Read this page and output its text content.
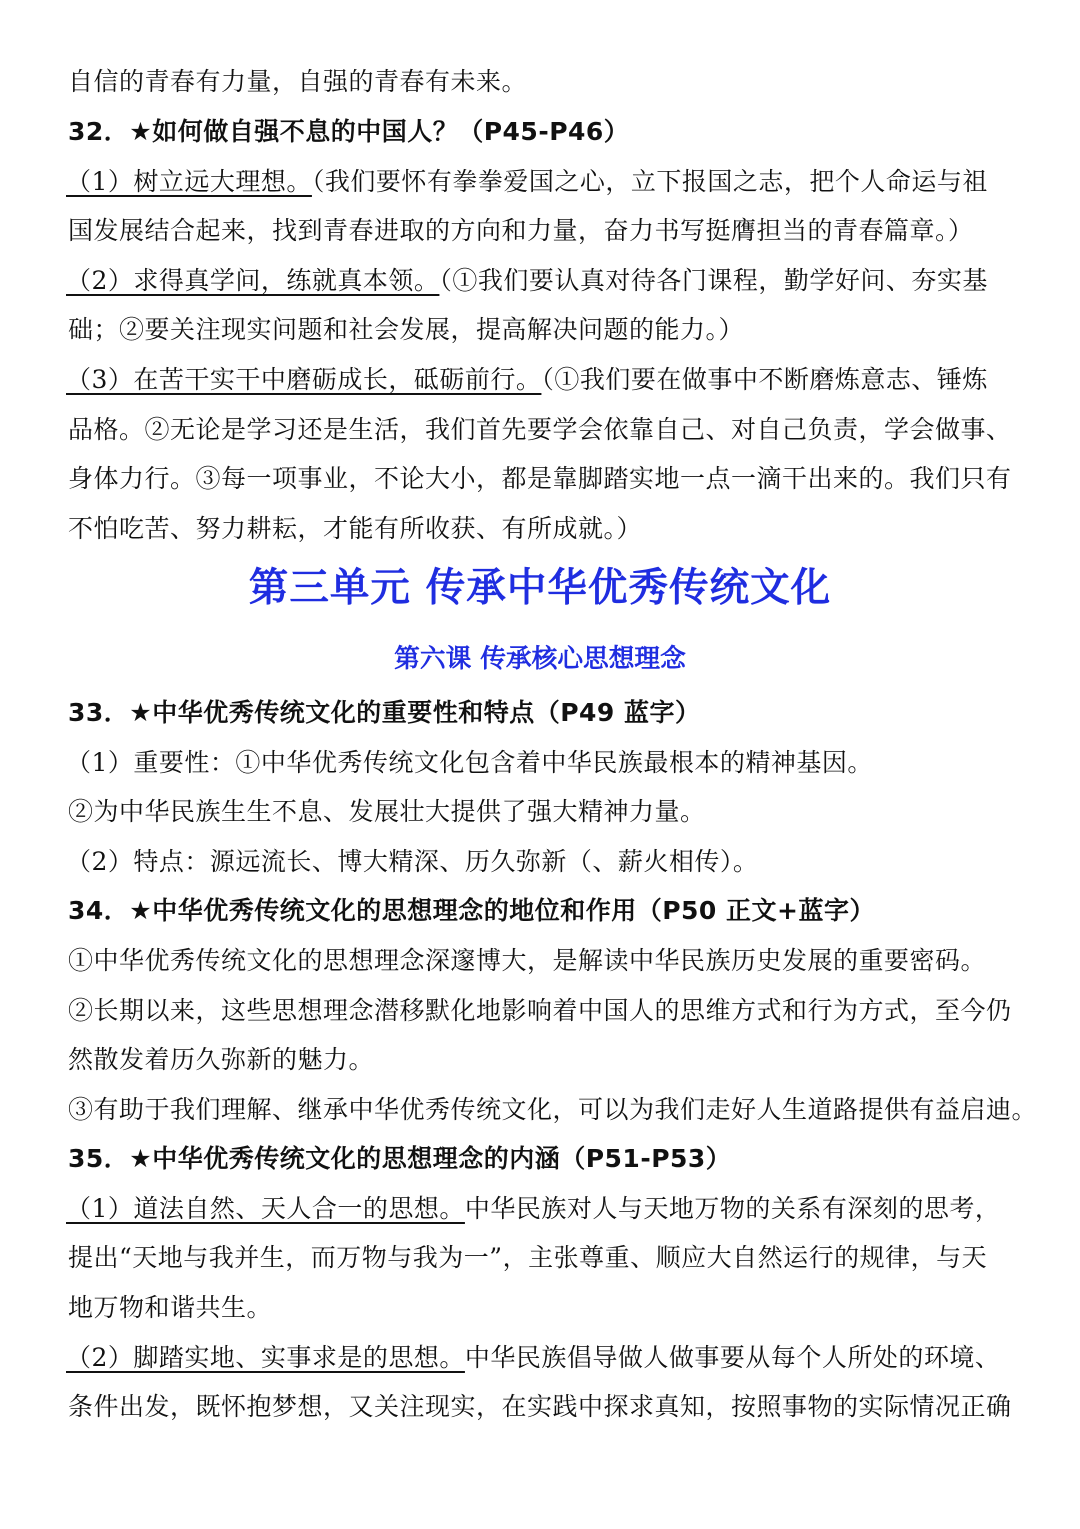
自信的青春有力量，自强的青春有未来。
32．★如何做自强不息的中国人？（P45-P46）
（1）树立远大理想。（我们要怀有拳拳爱国之心，立下报国之志，把个人命运与祖
国发展结合起来，找到青春进取的方向和力量，奋力书写挺膺担当的青春篇章。）
（2）求得真学问，练就真本领。（①我们要认真对待各门课程，勤学好问、夯实基
础；②要关注现实问题和社会发展，提高解决问题的能力。）
（3）在苦干实干中磨砺成长，砥砺前行。（①我们要在做事中不断磨炼意志、锤炼
品格。②无论是学习还是生活，我们首先要学会依靠自己、对自己负责，学会做事、
身体力行。③每一项事业，不论大小，都是靠脚踏实地一点一滴干出来的。我们只有
不怕吃苦、努力耕耘，才能有所收获、有所成就。）
第三单元 传承中华优秀传统文化
第六课 传承核心思想理念
33．★中华优秀传统文化的重要性和特点（P49 蓝字）
（1）重要性：①中华优秀传统文化包含着中华民族最根本的精神基因。
②为中华民族生生不息、发展壮大提供了强大精神力量。
（2）特点：源远流长、博大精深、历久弥新（、薪火相传）。
34．★中华优秀传统文化的思想理念的地位和作用（P50 正文+蓝字）
①中华优秀传统文化的思想理念深邃博大，是解读中华民族历史发展的重要密码。
②长期以来，这些思想理念潜移默化地影响着中国人的思维方式和行为方式，至今仍
然散发着历久弥新的魅力。
③有助于我们理解、继承中华优秀传统文化，可以为我们走好人生道路提供有益启迪。
35．★中华优秀传统文化的思想理念的内涵（P51-P53）
（1）道法自然、天人合一的思想。中华民族对人与天地万物的关系有深刻的思考，
提出“天地与我并生，而万物与我为一”，主张尊重、顺应大自然运行的规律，与天
地万物和谐共生。
（2）脚踏实地、实事求是的思想。中华民族倡导做人做事要从每个人所处的环境、
条件出发，既怀抱梦想，又关注现实，在实践中探求真知，按照事物的实际情况正确
